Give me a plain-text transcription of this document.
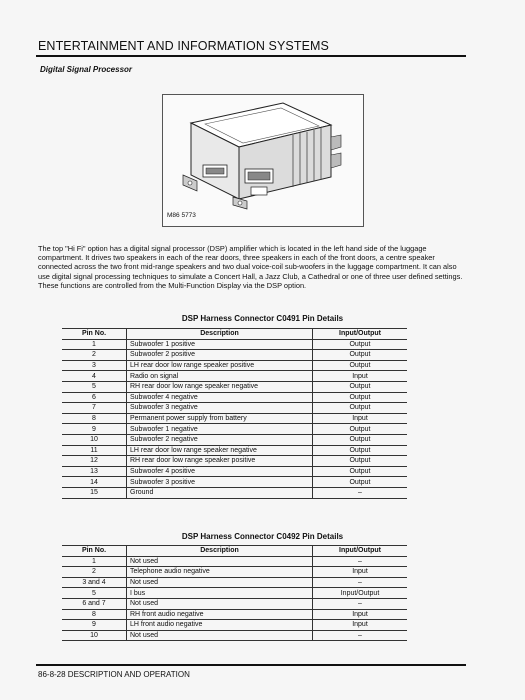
ENTERTAINMENT AND INFORMATION SYSTEMS
Digital Signal Processor
M86 5773

The top "Hi Fi" option has a digital signal processor (DSP) amplifier which is located in the left hand side of the luggage compartment. It drives two speakers in each of the rear doors, three speakers in each of the front doors, a centre speaker connected across the two front mid-range speakers and two dual voice-coil sub-woofers in the luggage compartment. It can also use digital signal processing techniques to simulate a Concert Hall, a Jazz Club, a Cathedral or one of three user defined settings. These functions are controlled from the Multi-Function Display via the DSP option.

DSP Harness Connector C0491 Pin Details
Pin No.	Description	Input/Output
1	Subwoofer 1 positive	Output
2	Subwoofer 2 positive	Output
3	LH rear door low range speaker positive	Output
4	Radio on signal	Input
5	RH rear door low range speaker negative	Output
6	Subwoofer 4 negative	Output
7	Subwoofer 3 negative	Output
8	Permanent power supply from battery	Input
9	Subwoofer 1 negative	Output
10	Subwoofer 2 negative	Output
11	LH rear door low range speaker negative	Output
12	RH rear door low range speaker positive	Output
13	Subwoofer 4 positive	Output
14	Subwoofer 3 positive	Output
15	Ground	–
DSP Harness Connector C0492 Pin Details
Pin No.	Description	Input/Output
1	Not used	–
2	Telephone audio negative	Input
3 and 4	Not used	–
5	I bus	Input/Output
6 and 7	Not used	–
8	RH front audio negative	Input
9	LH front audio negative	Input
10	Not used	–
86-8-28 DESCRIPTION AND OPERATION
